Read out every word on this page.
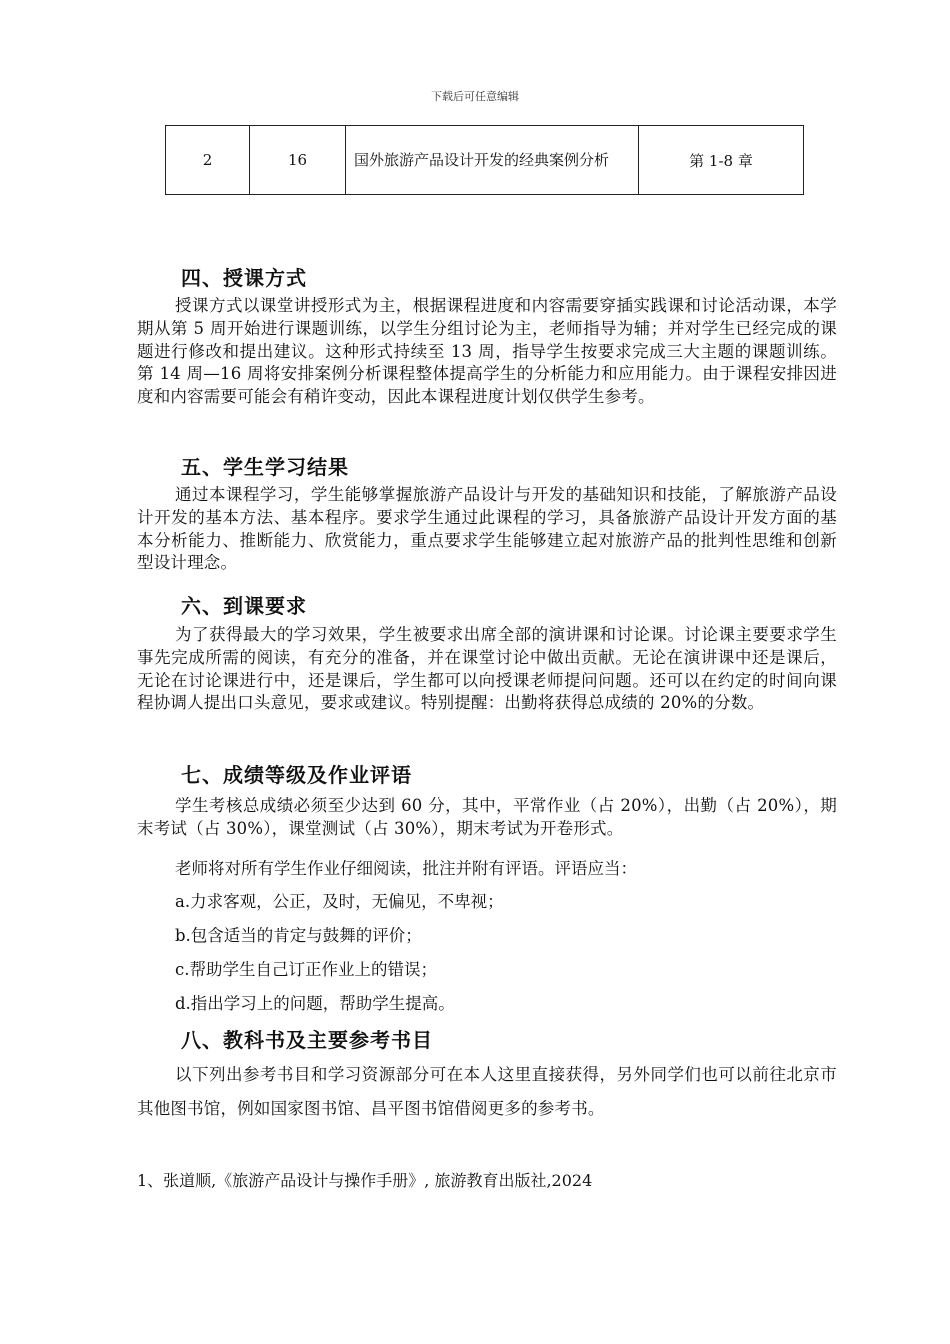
下载后可任意编辑
2	16	国外旅游产品设计开发的经典案例分析	第 1-8 章
四、授课方式
授课方式以课堂讲授形式为主，根据课程进度和内容需要穿插实践课和讨论活动课，本学期从第 5 周开始进行课题训练，以学生分组讨论为主，老师指导为辅；并对学生已经完成的课题进行修改和提出建议。这种形式持续至 13 周，指导学生按要求完成三大主题的课题训练。第 14 周—16 周将安排案例分析课程整体提高学生的分析能力和应用能力。由于课程安排因进度和内容需要可能会有稍许变动，因此本课程进度计划仅供学生参考。
五、学生学习结果
通过本课程学习，学生能够掌握旅游产品设计与开发的基础知识和技能，了解旅游产品设计开发的基本方法、基本程序。要求学生通过此课程的学习，具备旅游产品设计开发方面的基本分析能力、推断能力、欣赏能力，重点要求学生能够建立起对旅游产品的批判性思维和创新型设计理念。
六、到课要求
为了获得最大的学习效果，学生被要求出席全部的演讲课和讨论课。讨论课主要要求学生事先完成所需的阅读，有充分的准备，并在课堂讨论中做出贡献。无论在演讲课中还是课后，无论在讨论课进行中，还是课后，学生都可以向授课老师提问问题。还可以在约定的时间向课程协调人提出口头意见，要求或建议。特别提醒：出勤将获得总成绩的 20%的分数。
七、成绩等级及作业评语
学生考核总成绩必须至少达到 60 分，其中，平常作业（占 20%），出勤（占 20%），期末考试（占 30%），课堂测试（占 30%），期末考试为开卷形式。
老师将对所有学生作业仔细阅读，批注并附有评语。评语应当：
a.力求客观，公正，及时，无偏见，不卑视；
b.包含适当的肯定与鼓舞的评价；
c.帮助学生自己订正作业上的错误；
d.指出学习上的问题，帮助学生提高。
八、教科书及主要参考书目
以下列出参考书目和学习资源部分可在本人这里直接获得，另外同学们也可以前往北京市其他图书馆，例如国家图书馆、昌平图书馆借阅更多的参考书。
1、张道顺,《旅游产品设计与操作手册》, 旅游教育出版社,2024
